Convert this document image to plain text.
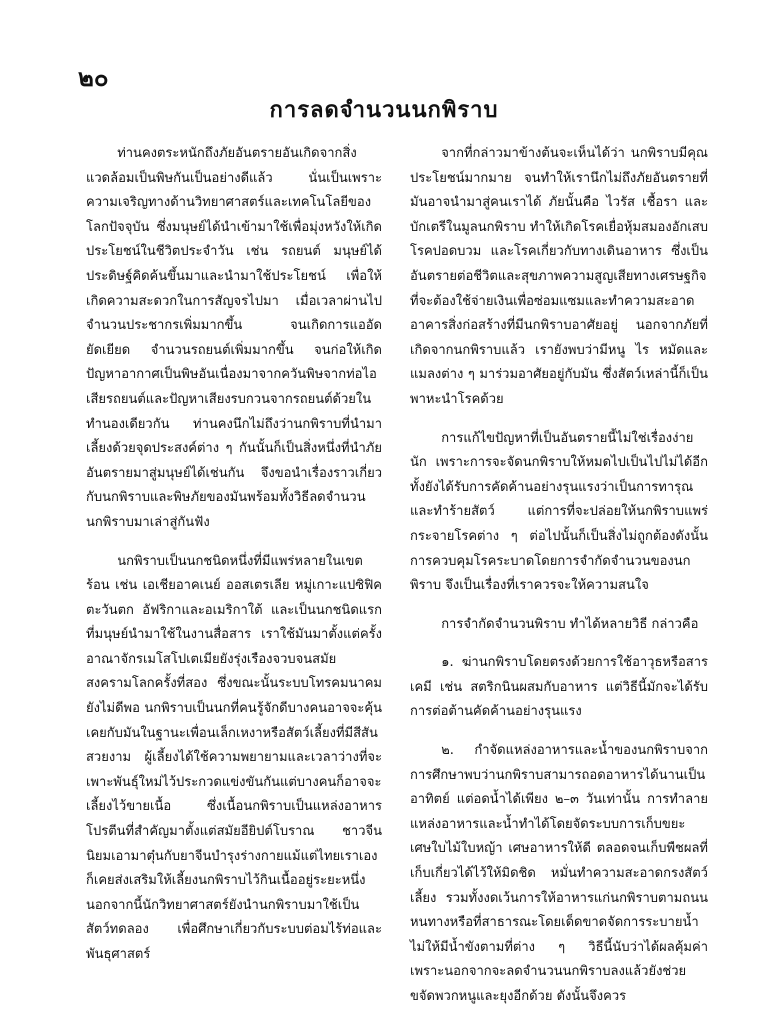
๒๐
การลดจำนวนนกพิราบ

ท่านคงตระหนักถึงภัยอันตรายอันเกิดจากสิ่งแวดล้อมเป็นพิษกันเป็นอย่างดีแล้ว นั่นเป็นเพราะความเจริญทางด้านวิทยาศาสตร์และเทคโนโลยีของโลกปัจจุบัน ซึ่งมนุษย์ได้นำเข้ามาใช้เพื่อมุ่งหวังให้เกิดประโยชน์ในชีวิตประจำวัน เช่น รถยนต์ มนุษย์ได้ประดิษฐ์คิดค้นขึ้นมาและนำมาใช้ประโยชน์ เพื่อให้เกิดความสะดวกในการสัญจรไปมา เมื่อเวลาผ่านไป จำนวนประชากรเพิ่มมากขึ้น จนเกิดการแออัดยัดเยียด จำนวนรถยนต์เพิ่มมากขึ้น จนก่อให้เกิดปัญหาอากาศเป็นพิษอันเนื่องมาจากควันพิษจากท่อไอเสียรถยนต์และปัญหาเสียงรบกวนจากรถยนต์ด้วยในทำนองเดียวกัน ท่านคงนึกไม่ถึงว่านกพิราบที่นำมาเลี้ยงด้วยจุดประสงค์ต่าง ๆ กันนั้นก็เป็นสิ่งหนึ่งที่นำภัยอันตรายมาสู่มนุษย์ได้เช่นกัน จึงขอนำเรื่องราวเกี่ยวกับนกพิราบและพิษภัยของมันพร้อมทั้งวิธีลดจำนวนนกพิราบมาเล่าสู่กันฟัง

นกพิราบเป็นนกชนิดหนึ่งที่มีแพร่หลายในเขตร้อน เช่น เอเชียอาคเนย์ ออสเตรเลีย หมู่เกาะแปซิฟิคตะวันตก อัฟริกาและอเมริกาใต้ และเป็นนกชนิดแรกที่มนุษย์นำมาใช้ในงานสื่อสาร เราใช้มันมาตั้งแต่ครั้งอาณาจักรเมโสโปเตเมียยังรุ่งเรืองจวบจนสมัยสงครามโลกครั้งที่สอง ซึ่งขณะนั้นระบบโทรคมนาคมยังไม่ดีพอ นกพิราบเป็นนกที่คนรู้จักดีบางคนอาจจะคุ้นเคยกับมันในฐานะเพื่อนเล็กเหงาหรือสัตว์เลี้ยงที่มีสีสันสวยงาม ผู้เลี้ยงได้ใช้ความพยายามและเวลาว่างที่จะเพาะพันธุ์ใหม่ไว้ประกวดแข่งขันกันแต่บางคนก็อาจจะเลี้ยงไว้ขายเนื้อ ซึ่งเนื้อนกพิราบเป็นแหล่งอาหารโปรตีนที่สำคัญมาตั้งแต่สมัยอียิปต์โบราณ ชาวจีนนิยมเอามาตุ๋นกับยาจีนบำรุงร่างกายแม้แต่ไทยเราเองก็เคยส่งเสริมให้เลี้ยงนกพิราบไว้กินเนื้ออยู่ระยะหนึ่ง นอกจากนี้นักวิทยาศาสตร์ยังนำนกพิราบมาใช้เป็นสัตว์ทดลอง เพื่อศึกษาเกี่ยวกับระบบต่อมไร้ท่อและพันธุศาสตร์

จากที่กล่าวมาข้างต้นจะเห็นได้ว่า นกพิราบมีคุณประโยชน์มากมาย จนทำให้เรานึกไม่ถึงภัยอันตรายที่มันอาจนำมาสู่คนเราได้ ภัยนั้นคือ ไวรัส เชื้อรา และบักเตรีในมูลนกพิราบ ทำให้เกิดโรคเยื่อหุ้มสมองอักเสบ โรคปอดบวม และโรคเกี่ยวกับทางเดินอาหาร ซึ่งเป็นอันตรายต่อชีวิตและสุขภาพความสูญเสียทางเศรษฐกิจ ที่จะต้องใช้จ่ายเงินเพื่อซ่อมแซมและทำความสะอาดอาคารสิ่งก่อสร้างที่มีนกพิราบอาศัยอยู่ นอกจากภัยที่เกิดจากนกพิราบแล้ว เรายังพบว่ามีหนู ไร หมัดและแมลงต่าง ๆ มาร่วมอาศัยอยู่กับมัน ซึ่งสัตว์เหล่านี้ก็เป็นพาหะนำโรคด้วย

การแก้ไขปัญหาที่เป็นอันตรายนี้ไม่ใช่เรื่องง่ายนัก เพราะการจะจัดนกพิราบให้หมดไปเป็นไปไม่ได้อีกทั้งยังได้รับการคัดค้านอย่างรุนแรงว่าเป็นการทารุณและทำร้ายสัตว์ แต่การที่จะปล่อยให้นกพิราบแพร่กระจายโรคต่าง ๆ ต่อไปนั้นก็เป็นสิ่งไม่ถูกต้องดังนั้นการควบคุมโรคระบาดโดยการจำกัดจำนวนของนกพิราบ จึงเป็นเรื่องที่เราควรจะให้ความสนใจ

การจำกัดจำนวนพิราบ ทำได้หลายวิธี กล่าวคือ

๑. ฆ่านกพิราบโดยตรงด้วยการใช้อาวุธหรือสารเคมี เช่น สตริกนินผสมกับอาหาร แต่วิธีนี้มักจะได้รับการต่อต้านคัดค้านอย่างรุนแรง

๒. กำจัดแหล่งอาหารและน้ำของนกพิราบจากการศึกษาพบว่านกพิราบสามารถอดอาหารได้นานเป็นอาทิตย์ แต่อดน้ำได้เพียง ๒–๓ วันเท่านั้น การทำลายแหล่งอาหารและน้ำทำได้โดยจัดระบบการเก็บขยะ เศษใบไม้ใบหญ้า เศษอาหารให้ดี ตลอดจนเก็บพืชผลที่เก็บเกี่ยวได้ไว้ให้มิดชิด หมั่นทำความสะอาดกรงสัตว์เลี้ยง รวมทั้งงดเว้นการให้อาหารแก่นกพิราบตามถนนหนทางหรือที่สาธารณะโดยเด็ดขาดจัดการระบายน้ำไม่ให้มีน้ำขังตามที่ต่าง ๆ วิธีนี้นับว่าได้ผลคุ้มค่า เพราะนอกจากจะลดจำนวนนกพิราบลงแล้วยังช่วยขจัดพวกหนูและยุงอีกด้วย ดังนั้นจึงควร
